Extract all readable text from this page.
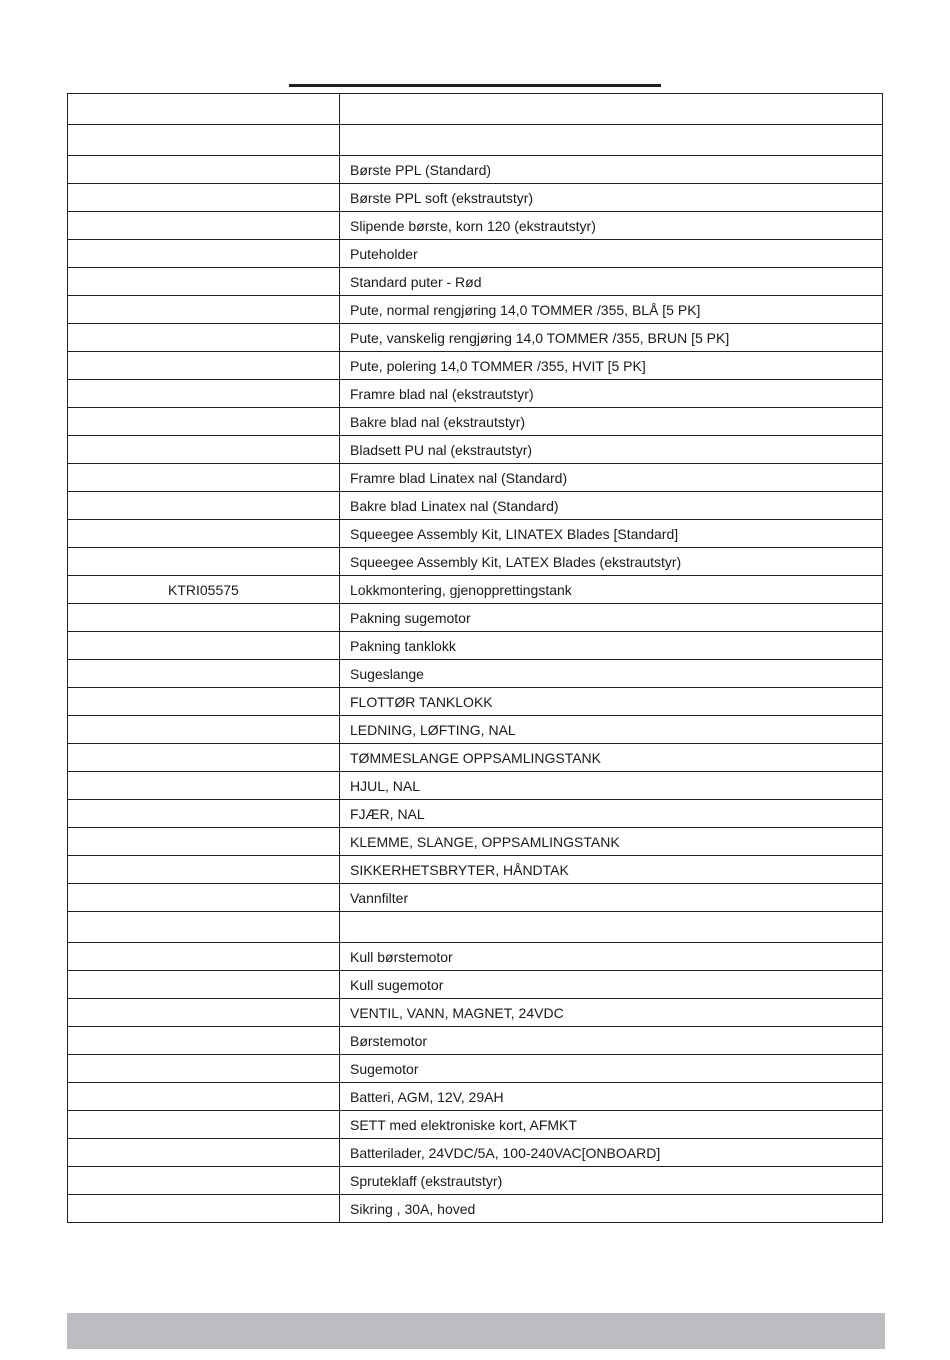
	Børste PPL (Standard)
	Børste PPL soft (ekstrautstyr)
	Slipende børste, korn 120 (ekstrautstyr)
	Puteholder
	Standard puter - Rød
	Pute, normal rengjøring 14,0 TOMMER /355, BLÅ [5 PK]
	Pute, vanskelig rengjøring 14,0 TOMMER /355, BRUN [5 PK]
	Pute, polering 14,0 TOMMER /355, HVIT [5 PK]
	Framre blad nal (ekstrautstyr)
	Bakre blad nal (ekstrautstyr)
	Bladsett PU nal (ekstrautstyr)
	Framre blad Linatex nal (Standard)
	Bakre blad Linatex nal (Standard)
	Squeegee Assembly Kit, LINATEX Blades [Standard]
	Squeegee Assembly Kit, LATEX Blades (ekstrautstyr)
KTRI05575	Lokkmontering, gjenopprettingstank
	Pakning sugemotor
	Pakning tanklokk
	Sugeslange
	FLOTTØR TANKLOKK
	LEDNING, LØFTING, NAL
	TØMMESLANGE OPPSAMLINGSTANK
	HJUL, NAL
	FJÆR, NAL
	KLEMME, SLANGE, OPPSAMLINGSTANK
	SIKKERHETSBRYTER, HÅNDTAK
	Vannfilter

	Kull børstemotor
	Kull sugemotor
	VENTIL, VANN, MAGNET, 24VDC
	Børstemotor
	Sugemotor
	Batteri, AGM, 12V, 29AH
	SETT med elektroniske kort, AFMKT
	Batterilader, 24VDC/5A, 100-240VAC[ONBOARD]
	Spruteklaff (ekstrautstyr)
	Sikring , 30A, hoved
